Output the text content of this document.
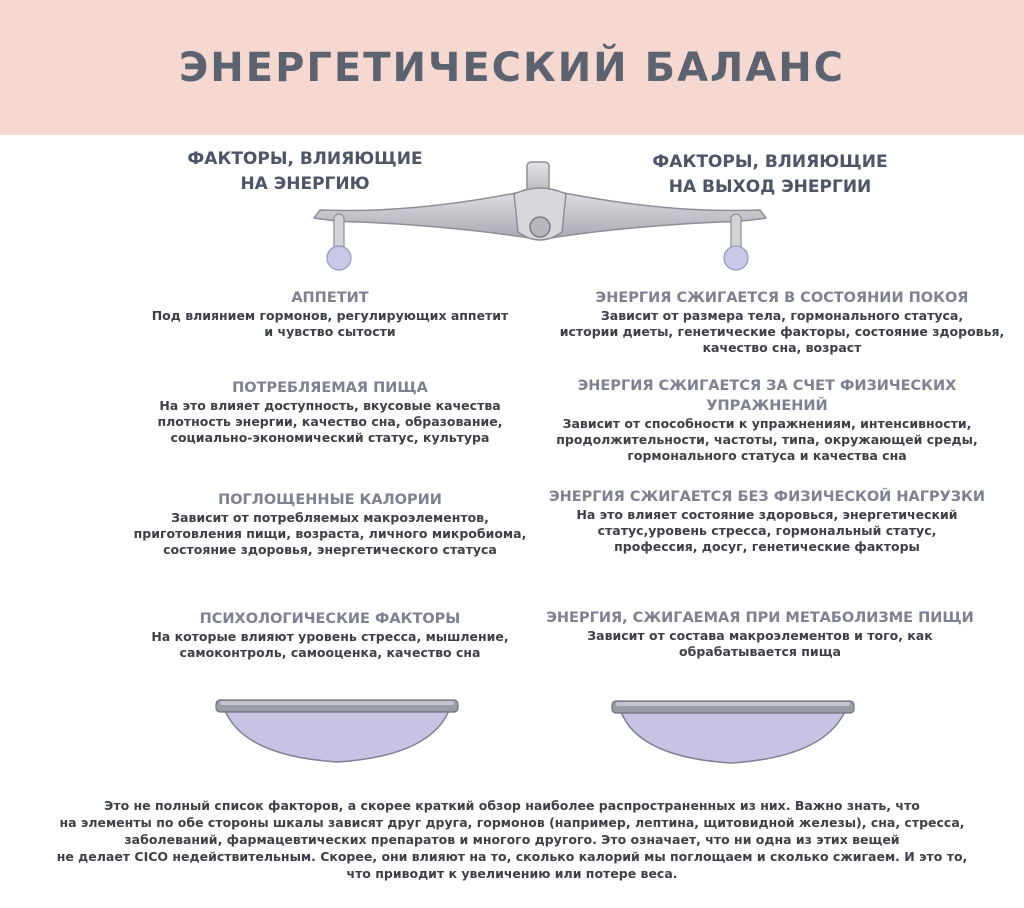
ЭНЕРГЕТИЧЕСКИЙ БАЛАНС
ФАКТОРЫ, ВЛИЯЮЩИЕ
НА ЭНЕРГИЮ
ФАКТОРЫ, ВЛИЯЮЩИЕ
НА ВЫХОД ЭНЕРГИИ
АППЕТИТ
Под влиянием гормонов, регулирующих аппетит
и чувство сытости
ПОТРЕБЛЯЕМАЯ ПИЩА
На это влияет доступность, вкусовые качества
плотность энергии, качество сна, образование,
социально-экономический статус, культура
ПОГЛОЩЕННЫЕ КАЛОРИИ
Зависит от потребляемых макроэлементов,
приготовления пищи, возраста, личного микробиома,
состояние здоровья, энергетического статуса
ПСИХОЛОГИЧЕСКИЕ ФАКТОРЫ
На которые влияют уровень стресса, мышление,
самоконтроль, самооценка, качество сна
ЭНЕРГИЯ СЖИГАЕТСЯ В СОСТОЯНИИ ПОКОЯ
Зависит от размера тела, гормонального статуса,
истории диеты, генетические факторы, состояние здоровья,
качество сна, возраст
ЭНЕРГИЯ СЖИГАЕТСЯ ЗА СЧЕТ ФИЗИЧЕСКИХ УПРАЖНЕНИЙ
Зависит от способности к упражнениям, интенсивности,
продолжительности, частоты, типа, окружающей среды,
гормонального статуса и качества сна
ЭНЕРГИЯ СЖИГАЕТСЯ БЕЗ ФИЗИЧЕСКОЙ НАГРУЗКИ
На это влияет состояние здоровься, энергетический
статус,уровень стресса, гормональный статус,
профессия, досуг, генетические факторы
ЭНЕРГИЯ, СЖИГАЕМАЯ ПРИ МЕТАБОЛИЗМЕ ПИЩИ
Зависит от состава макроэлементов и того, как
обрабатывается пища
Это не полный список факторов, а скорее краткий обзор наиболее распространенных из них. Важно знать, что
на элементы по обе стороны шкалы зависят друг друга, гормонов (например, лептина, щитовидной железы), сна, стресса,
заболеваний, фармацевтических препаратов и многого другого. Это означает, что ни одна из этих вещей
не делает CICO недействительным. Скорее, они влияют на то, сколько калорий мы поглощаем и сколько сжигаем. И это то,
что приводит к увеличению или потере веса.
